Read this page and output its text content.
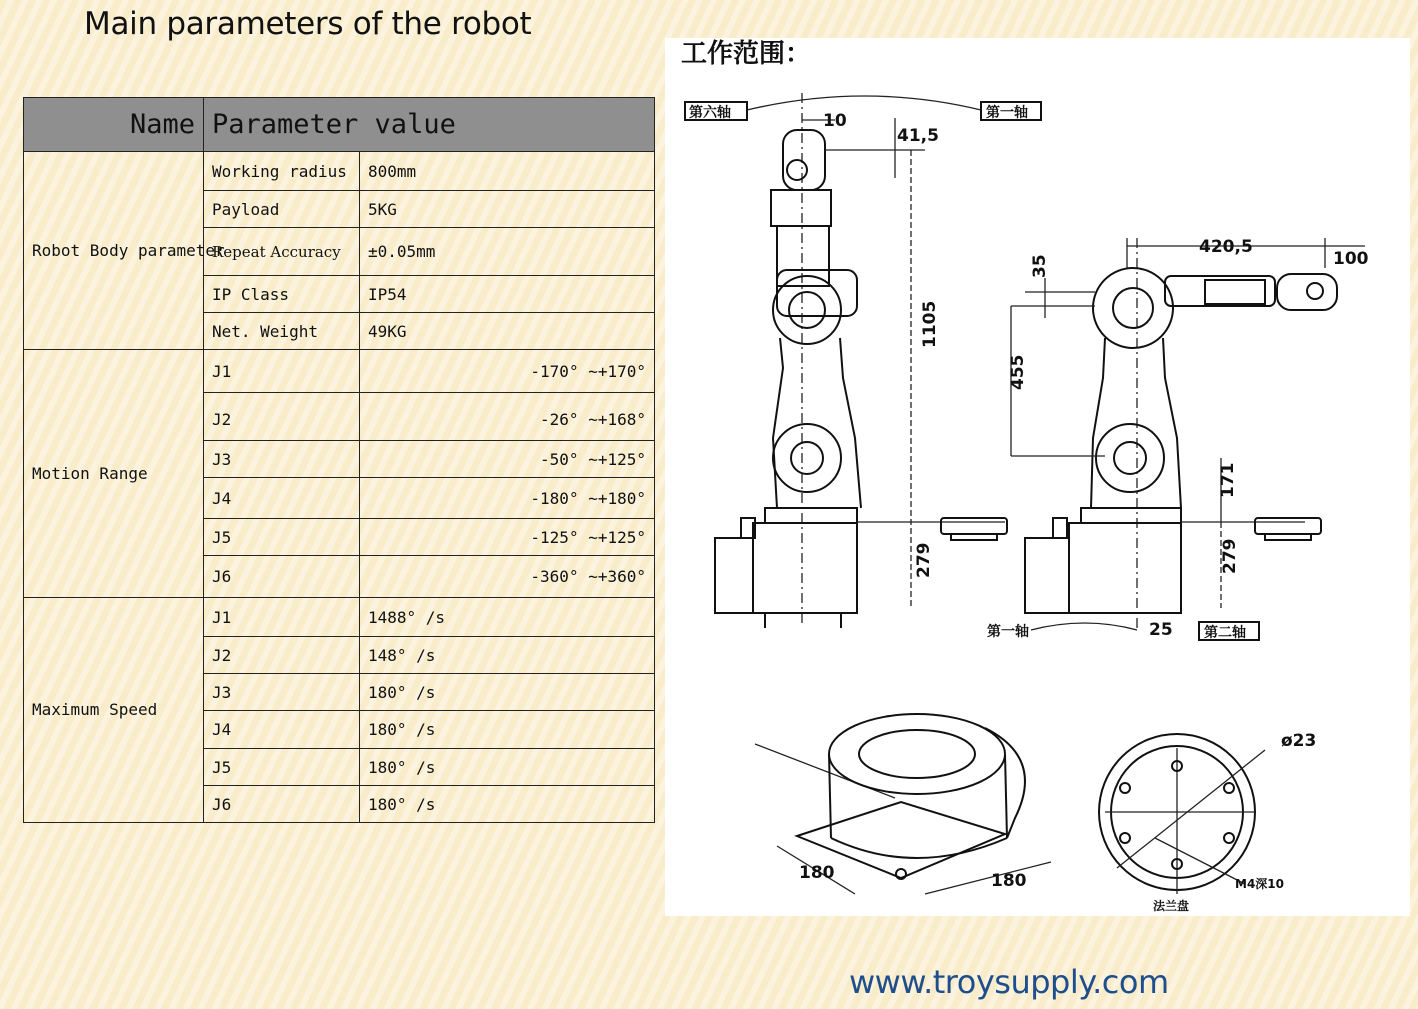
Main parameters of the robot
Name	Parameter value	
Robot Body parameter	Working radius	800mm
	Payload	5KG
	Repeat Accuracy	±0.05mm
	IP Class	IP54
	Net. Weight	49KG
Motion Range	J1	-170° ~+170°
	J2	-26° ~+168°
	J3	-50° ~+125°
	J4	-180° ~+180°
	J5	-125° ~+125°
	J6	-360° ~+360°
Maximum Speed	J1	1488° /s
	J2	148° /s
	J3	180° /s
	J4	180° /s
	J5	180° /s
	J6	180° /s
工作范围：
第六轴	第一轴
10
41,5
1105
279
420,5
100
35
455
171
279
第一轴	25 第二轴
180	180
ø23
M4深10
法兰盘
www.troysupply.com
